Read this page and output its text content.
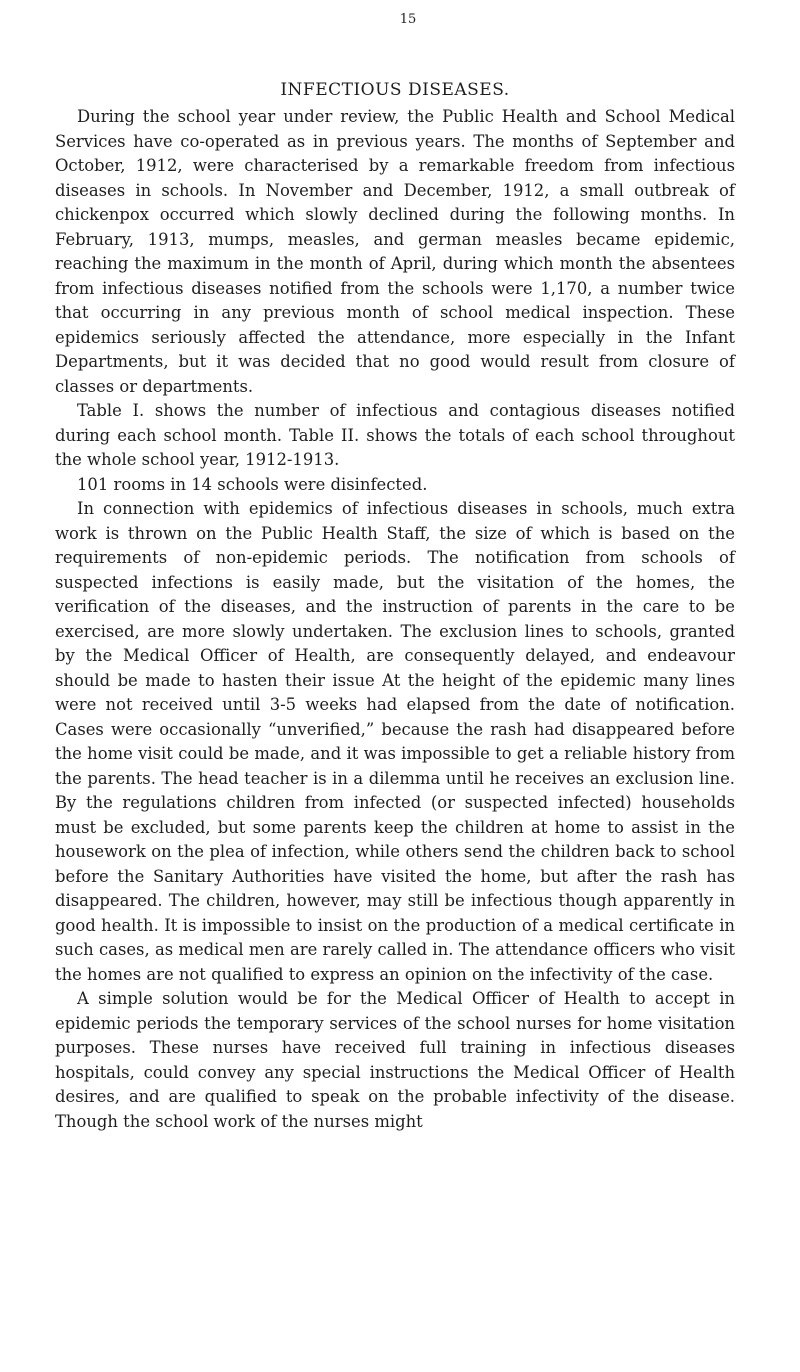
15
INFECTIOUS DISEASES.

During the school year under review, the Public Health and School Medical Services have co-operated as in previous years. The months of September and October, 1912, were characterised by a remarkable freedom from infectious diseases in schools. In November and December, 1912, a small outbreak of chickenpox occurred which slowly declined during the following months. In February, 1913, mumps, measles, and german measles became epidemic, reaching the maximum in the month of April, during which month the absentees from infectious diseases notified from the schools were 1,170, a number twice that occurring in any previous month of school medical inspection. These epidemics seriously affected the attendance, more especially in the Infant Departments, but it was decided that no good would result from closure of classes or departments.

Table I. shows the number of infectious and contagious diseases notified during each school month. Table II. shows the totals of each school throughout the whole school year, 1912-1913.

101 rooms in 14 schools were disinfected.

In connection with epidemics of infectious diseases in schools, much extra work is thrown on the Public Health Staff, the size of which is based on the requirements of non-epidemic periods. The notification from schools of suspected infections is easily made, but the visitation of the homes, the verification of the diseases, and the instruction of parents in the care to be exercised, are more slowly undertaken. The exclusion lines to schools, granted by the Medical Officer of Health, are consequently delayed, and endeavour should be made to hasten their issue At the height of the epidemic many lines were not received until 3-5 weeks had elapsed from the date of notification. Cases were occasionally “unverified,” because the rash had disappeared before the home visit could be made, and it was impossible to get a reliable history from the parents. The head teacher is in a dilemma until he receives an exclusion line. By the regulations children from infected (or suspected infected) households must be excluded, but some parents keep the children at home to assist in the housework on the plea of infection, while others send the children back to school before the Sanitary Authorities have visited the home, but after the rash has disappeared. The children, however, may still be infectious though apparently in good health. It is impossible to insist on the production of a medical certificate in such cases, as medical men are rarely called in. The attendance officers who visit the homes are not qualified to express an opinion on the infectivity of the case.

A simple solution would be for the Medical Officer of Health to accept in epidemic periods the temporary services of the school nurses for home visitation purposes. These nurses have received full training in infectious diseases hospitals, could convey any special instructions the Medical Officer of Health desires, and are qualified to speak on the probable infectivity of the disease. Though the school work of the nurses might
